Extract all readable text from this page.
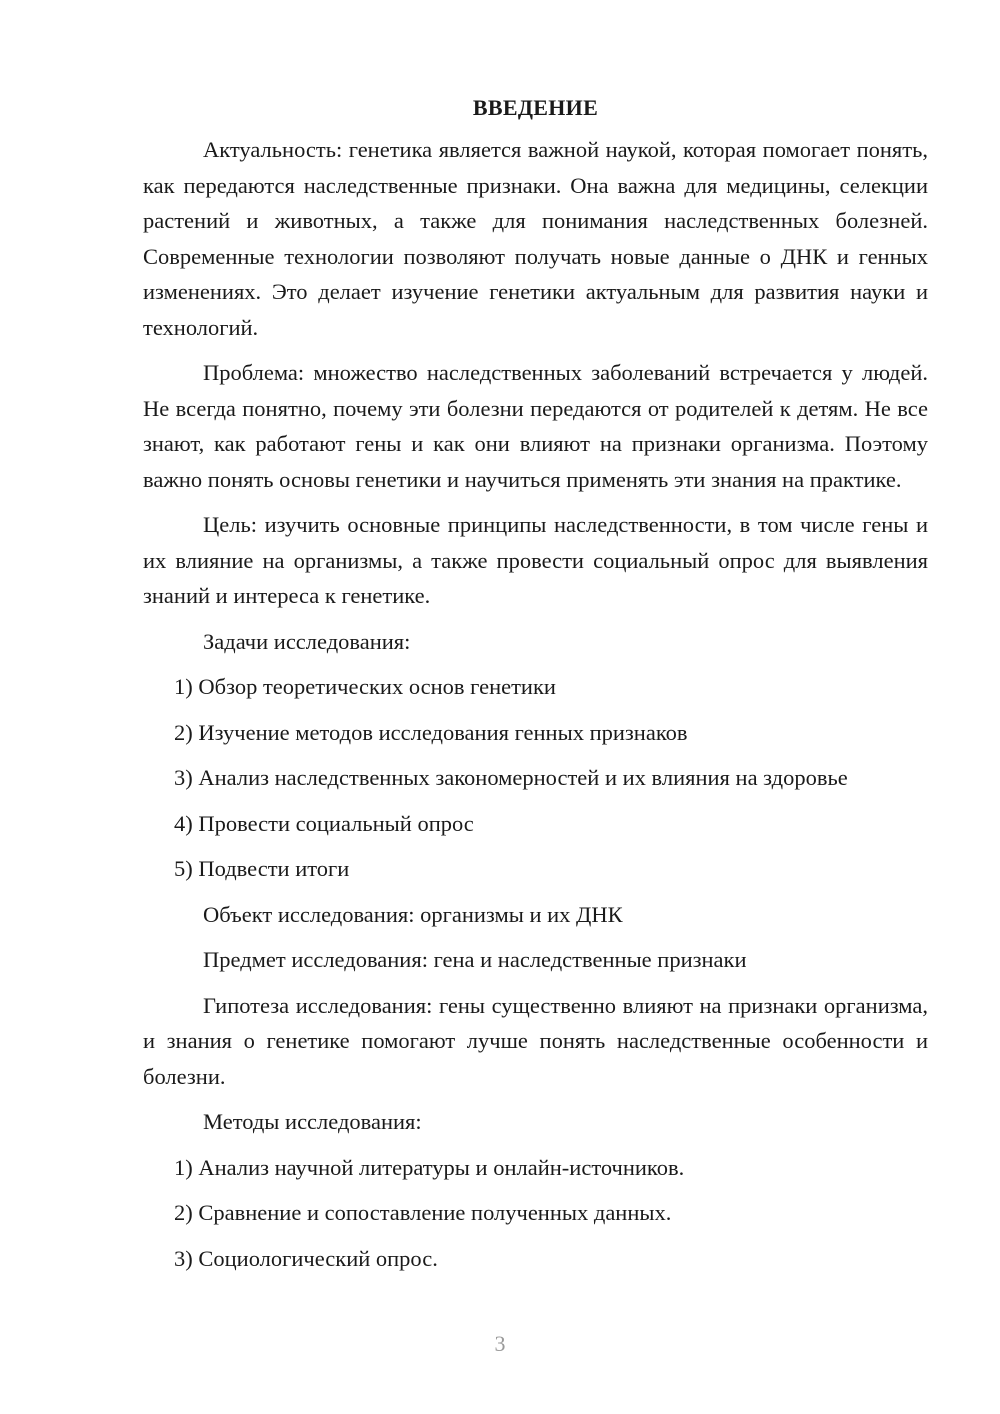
ВВЕДЕНИЕ

Актуальность: генетика является важной наукой, которая помогает понять, как передаются наследственные признаки. Она важна для медицины, селекции растений и животных, а также для понимания наследственных болезней. Современные технологии позволяют получать новые данные о ДНК и генных изменениях. Это делает изучение генетики актуальным для развития науки и технологий.

Проблема: множество наследственных заболеваний встречается у людей. Не всегда понятно, почему эти болезни передаются от родителей к детям. Не все знают, как работают гены и как они влияют на признаки организма. Поэтому важно понять основы генетики и научиться применять эти знания на практике.

Цель: изучить основные принципы наследственности, в том числе гены и их влияние на организмы, а также провести социальный опрос для выявления знаний и интереса к генетике.

Задачи исследования:
1) Обзор теоретических основ генетики
2) Изучение методов исследования генных признаков
3) Анализ наследственных закономерностей и их влияния на здоровье
4) Провести социальный опрос
5) Подвести итоги
Объект исследования: организмы и их ДНК
Предмет исследования: гена и наследственные признаки

Гипотеза исследования: гены существенно влияют на признаки организма, и знания о генетике помогают лучше понять наследственные особенности и болезни.

Методы исследования:
1) Анализ научной литературы и онлайн-источников.
2) Сравнение и сопоставление полученных данных.
3) Социологический опрос.
3
